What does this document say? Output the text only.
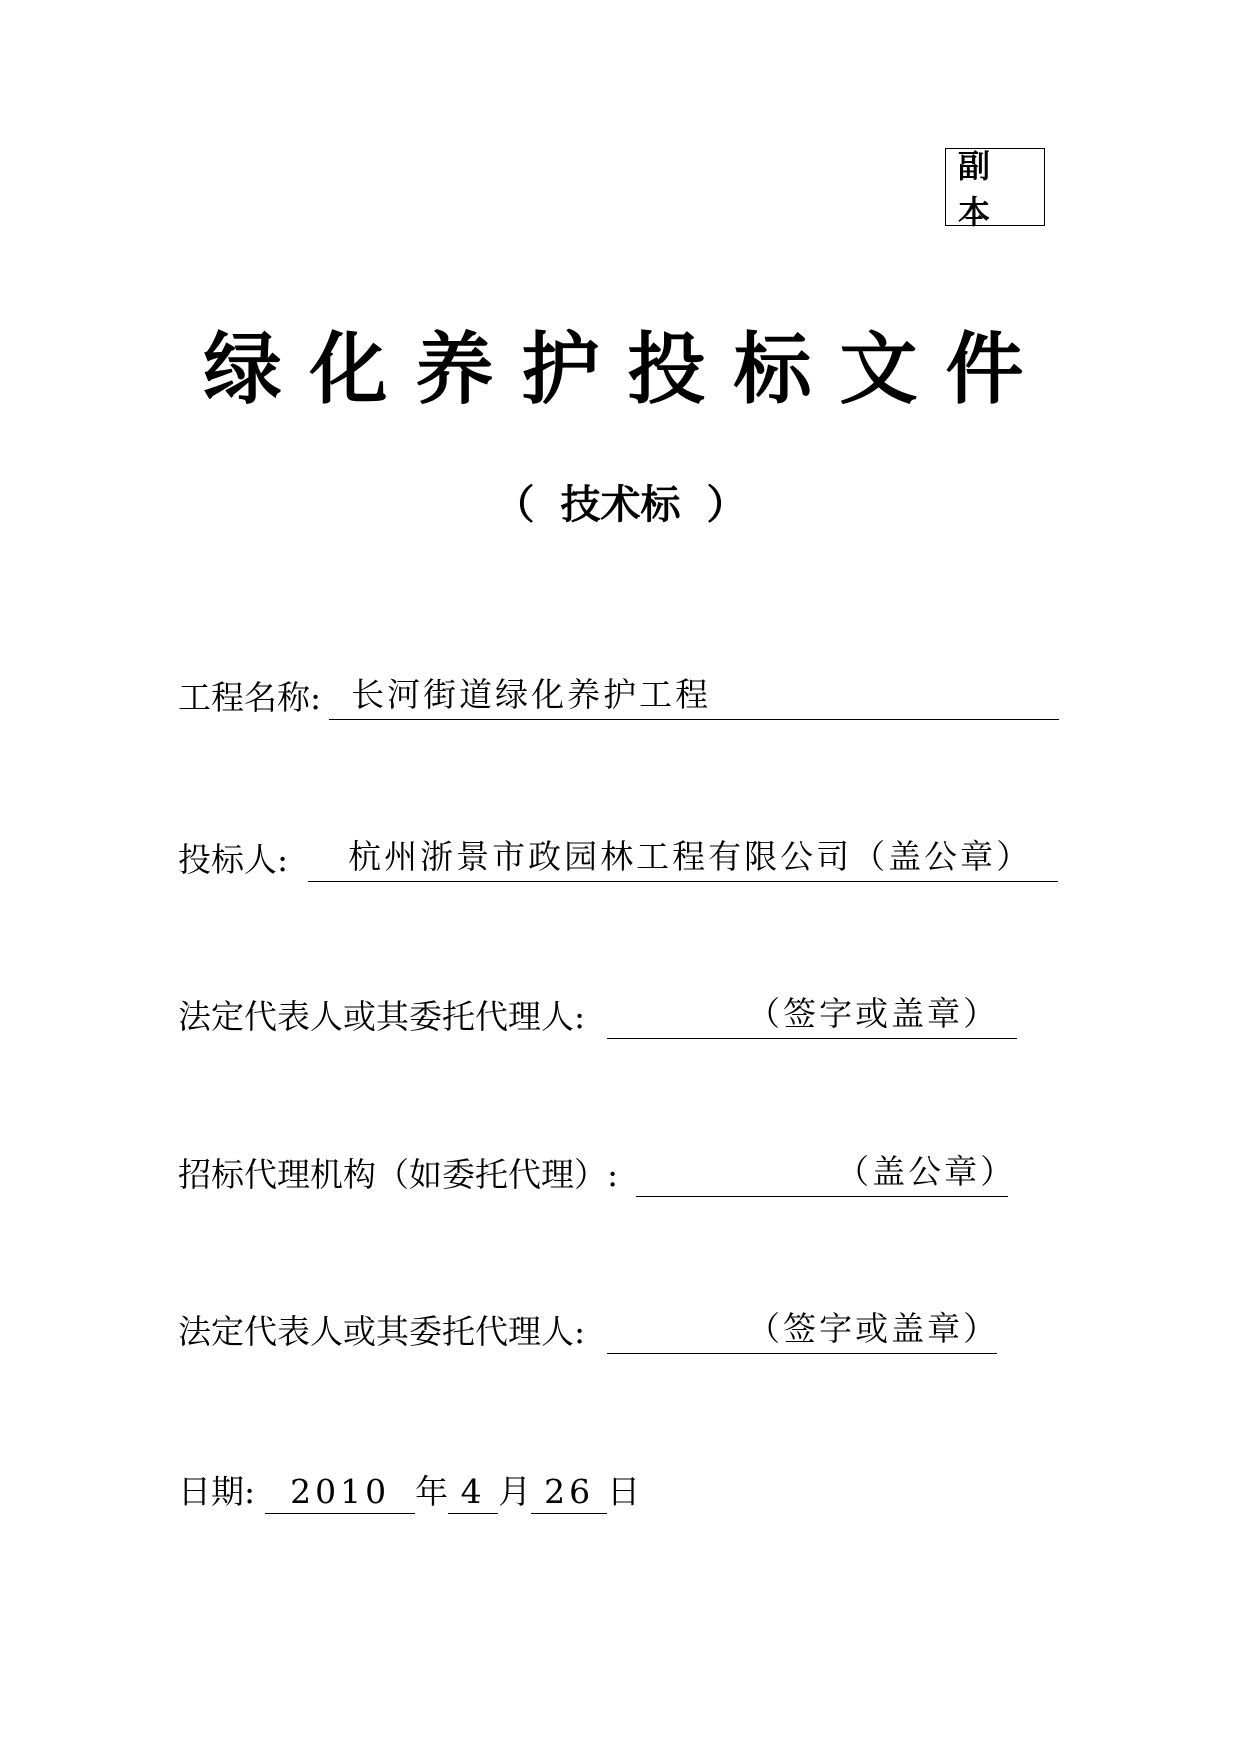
副 本
绿化养护投标文件
（ 技术标 ）
工程名称: 长河街道绿化养护工程
投标人: 杭州浙景市政园林工程有限公司（盖公章）
法定代表人或其委托代理人:	（签字或盖章）
招标代理机构（如委托代理）:	（盖公章）
法定代表人或其委托代理人:	（签字或盖章）
日期:	2010 年 4 月 26 日
